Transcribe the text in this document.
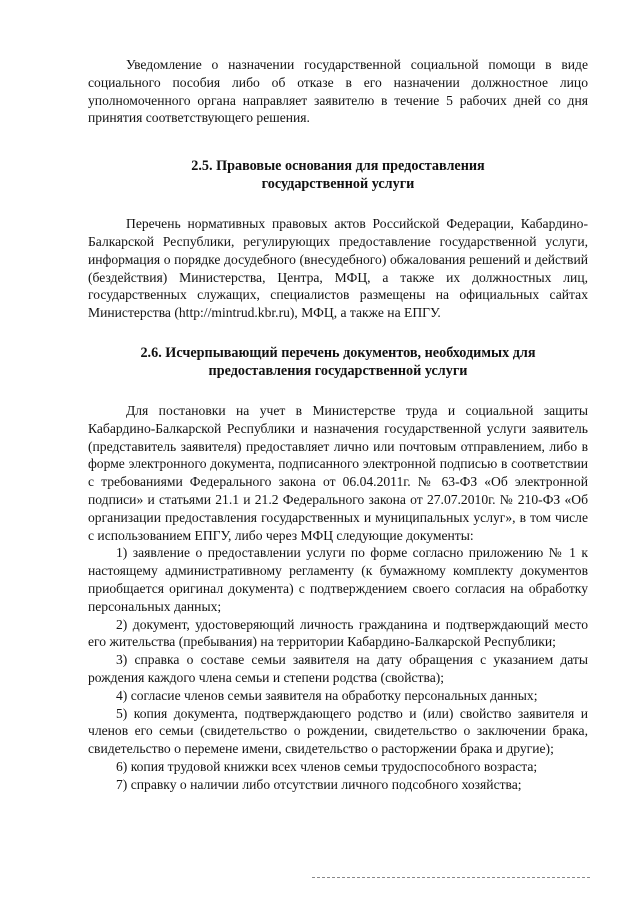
Уведомление о назначении государственной социальной помощи в виде социального пособия либо об отказе в его назначении должностное лицо уполномоченного органа направляет заявителю в течение 5 рабочих дней со дня принятия соответствующего решения.

2.5. Правовые основания для предоставления
государственной услуги

Перечень нормативных правовых актов Российской Федерации, Кабардино-Балкарской Республики, регулирующих предоставление государственной услуги, информация о порядке досудебного (внесудебного) обжалования решений и действий (бездействия) Министерства, Центра, МФЦ, а также их должностных лиц, государственных служащих, специалистов размещены на официальных сайтах Министерства (http://mintrud.kbr.ru), МФЦ, а также на ЕПГУ.

2.6. Исчерпывающий перечень документов, необходимых для
предоставления государственной услуги

Для постановки на учет в Министерстве труда и социальной защиты Кабардино-Балкарской Республики и назначения государственной услуги заявитель (представитель заявителя) предоставляет лично или почтовым отправлением, либо в форме электронного документа, подписанного электронной подписью в соответствии с требованиями Федерального закона от 06.04.2011г. № 63-ФЗ «Об электронной подписи» и статьями 21.1 и 21.2 Федерального закона от 27.07.2010г. № 210-ФЗ «Об организации предоставления государственных и муниципальных услуг», в том числе с использованием ЕПГУ, либо через МФЦ следующие документы:

1) заявление о предоставлении услуги по форме согласно приложению № 1 к настоящему административному регламенту (к бумажному комплекту документов приобщается оригинал документа) с подтверждением своего согласия на обработку персональных данных;

2) документ, удостоверяющий личность гражданина и подтверждающий место его жительства (пребывания) на территории Кабардино-Балкарской Республики;

3) справка о составе семьи заявителя на дату обращения с указанием даты рождения каждого члена семьи и степени родства (свойства);

4) согласие членов семьи заявителя на обработку персональных данных;

5) копия документа, подтверждающего родство и (или) свойство заявителя и членов его семьи (свидетельство о рождении, свидетельство о заключении брака, свидетельство о перемене имени, свидетельство о расторжении брака и другие);

6) копия трудовой книжки всех членов семьи трудоспособного возраста;

7) справку о наличии либо отсутствии личного подсобного хозяйства;
